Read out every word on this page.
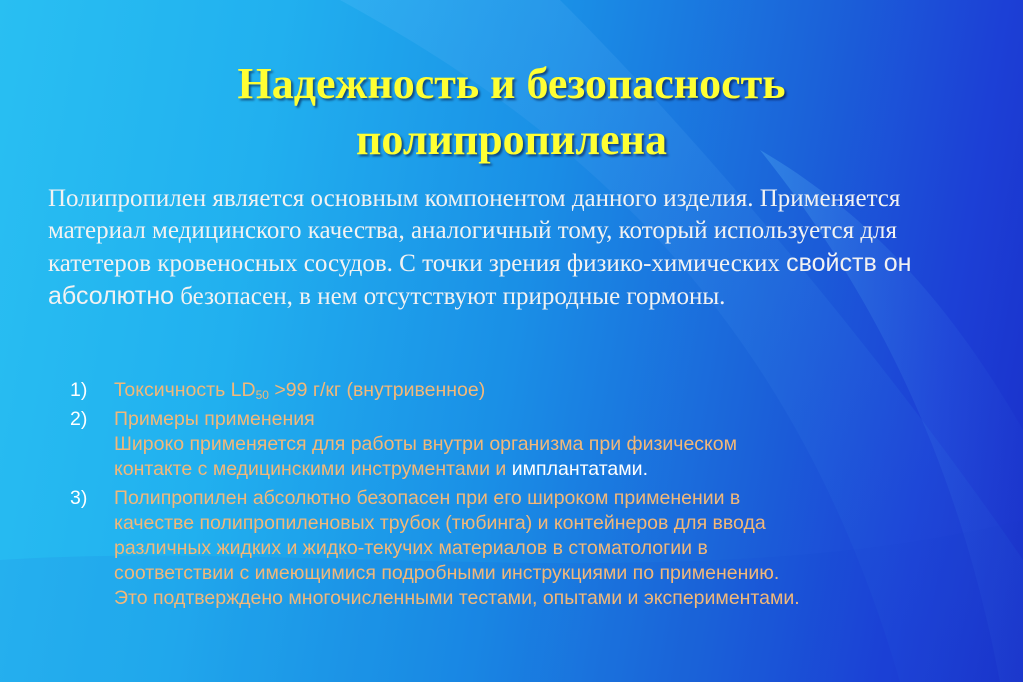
Надежность и безопасность
полипропилена

Полипропилен является основным компонентом данного изделия. Применяется материал медицинского качества, аналогичный тому, который используется для катетеров кровеносных сосудов. С точки зрения физико-химических свойств он абсолютно безопасен, в нем отсутствуют природные гормоны.

1) Токсичность $LD_{50} >99$ г/кг (внутривенное)
2) Примеры применения
Широко применяется для работы внутри организма при физическом
контакте с медицинскими инструментами и имплантатами.
3) Полипропилен абсолютно безопасен при его широком применении в
качестве полипропиленовых трубок (тюбинга) и контейнеров для ввода
различных жидких и жидко-текучих материалов в стоматологии в
соответствии с имеющимися подробными инструкциями по применению.
Это подтверждено многочисленными тестами, опытами и экспериментами.
